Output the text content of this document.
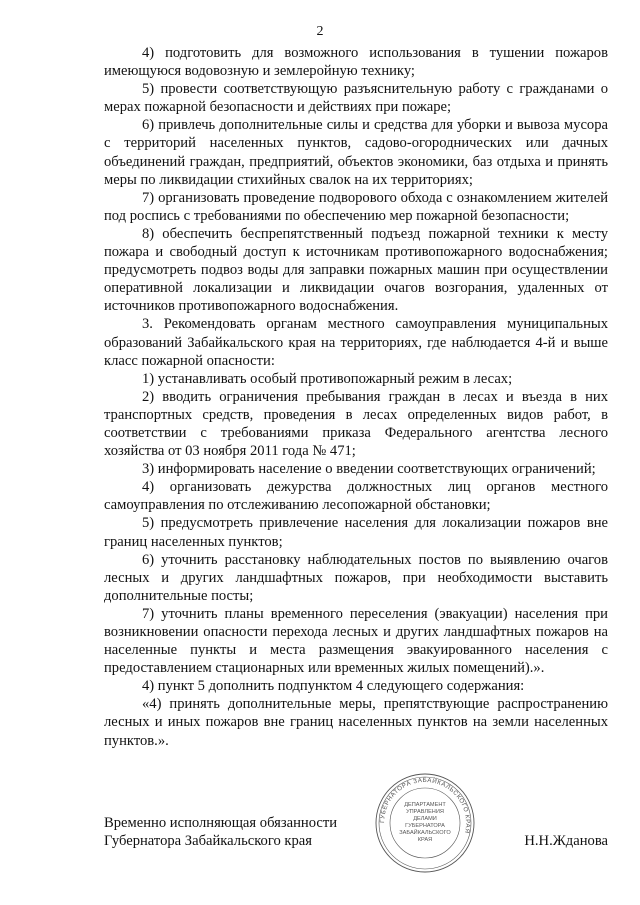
2

4) подготовить для возможного использования в тушении пожаров имеющуюся водовозную и землеройную технику;

5) провести соответствующую разъяснительную работу с гражданами о мерах пожарной безопасности и действиях при пожаре;

6) привлечь дополнительные силы и средства для уборки и вывоза мусора с территорий населенных пунктов, садово-огороднических или дачных объединений граждан, предприятий, объектов экономики, баз отдыха и принять меры по ликвидации стихийных свалок на их территориях;

7) организовать проведение подворового обхода с ознакомлением жителей под роспись с требованиями по обеспечению мер пожарной безопасности;

8) обеспечить беспрепятственный подъезд пожарной техники к месту пожара и свободный доступ к источникам противопожарного водоснабжения; предусмотреть подвоз воды для заправки пожарных машин при осуществлении оперативной локализации и ликвидации очагов возгорания, удаленных от источников противопожарного водоснабжения.

3. Рекомендовать органам местного самоуправления муниципальных образований Забайкальского края на территориях, где наблюдается 4-й и выше класс пожарной опасности:

1) устанавливать особый противопожарный режим в лесах;

2) вводить ограничения пребывания граждан в лесах и въезда в них транспортных средств, проведения в лесах определенных видов работ, в соответствии с требованиями приказа Федерального агентства лесного хозяйства от 03 ноября 2011 года № 471;

3) информировать население о введении соответствующих ограничений;

4) организовать дежурства должностных лиц органов местного самоуправления по отслеживанию лесопожарной обстановки;

5) предусмотреть привлечение населения для локализации пожаров вне границ населенных пунктов;

6) уточнить расстановку наблюдательных постов по выявлению очагов лесных и других ландшафтных пожаров, при необходимости выставить дополнительные посты;

7) уточнить планы временного переселения (эвакуации) населения при возникновении опасности перехода лесных и других ландшафтных пожаров на населенные пункты и места размещения эвакуированного населения с предоставлением стационарных или временных жилых помещений).».

4) пункт 5 дополнить подпунктом 4 следующего содержания:

«4) принять дополнительные меры, препятствующие распространению лесных и иных пожаров вне границ населенных пунктов на земли населенных пунктов.».

Временно исполняющая обязанности
Губернатора Забайкальского края	Н.Н.Жданова
ГУБЕРНАТОРА ЗАБАЙКАЛЬСКОГО КРАЯ
ДЕПАРТАМЕНТ
УПРАВЛЕНИЯ
ДЕЛАМИ
ГУБЕРНАТОРА
ЗАБАЙКАЛЬСКОГО
КРАЯ
